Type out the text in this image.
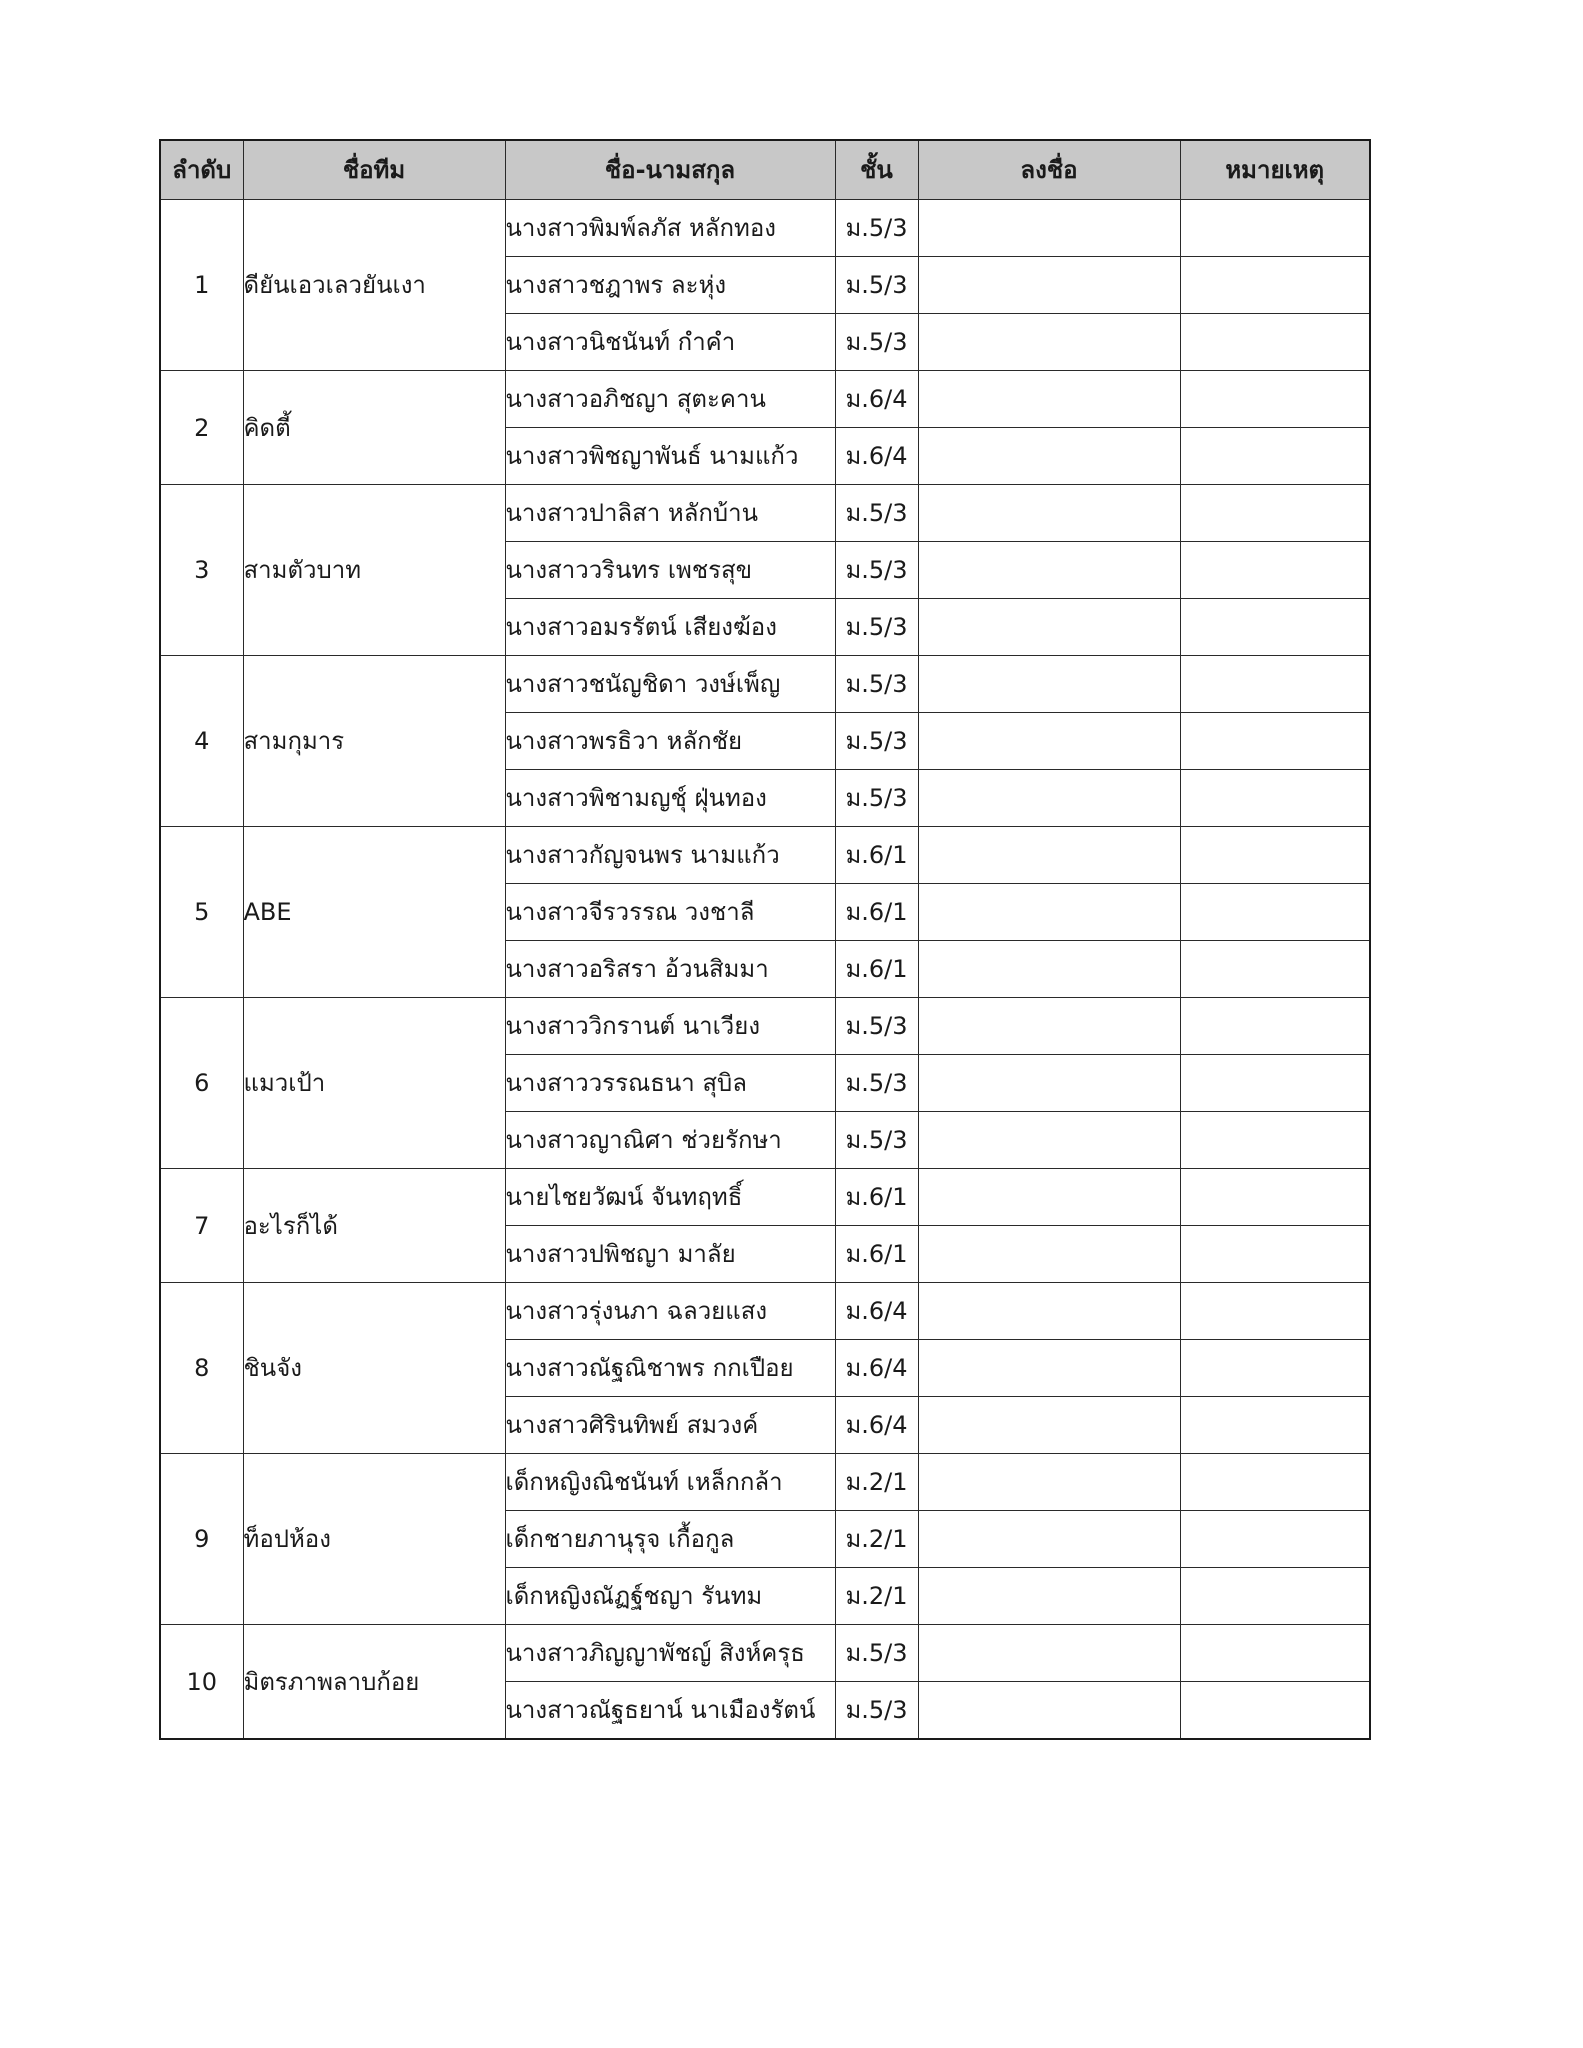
ลำดับ	ชื่อทีม	ชื่อ-นามสกุล	ชั้น	ลงชื่อ	หมายเหตุ
1	ดียันเอวเลวยันเงา	นางสาวพิมพ์ลภัส หลักทอง	ม.5/3		
		นางสาวชฎาพร ละหุ่ง	ม.5/3		
		นางสาวนิชนันท์ กำคำ	ม.5/3		
2	คิดตี้	นางสาวอภิชญา สุตะคาน	ม.6/4		
		นางสาวพิชญาพันธ์ นามแก้ว	ม.6/4		
3	สามตัวบาท	นางสาวปาลิสา หลักบ้าน	ม.5/3		
		นางสาววรินทร เพชรสุข	ม.5/3		
		นางสาวอมรรัตน์ เสียงฆ้อง	ม.5/3		
4	สามกุมาร	นางสาวชนัญชิดา วงษ์เพ็ญ	ม.5/3		
		นางสาวพรธิวา หลักชัย	ม.5/3		
		นางสาวพิชามญชุ์ ฝุ่นทอง	ม.5/3		
5	ABE	นางสาวกัญจนพร นามแก้ว	ม.6/1		
		นางสาวจีรวรรณ วงชาลี	ม.6/1		
		นางสาวอริสรา อ้วนสิมมา	ม.6/1		
6	แมวเป้า	นางสาววิกรานต์ นาเวียง	ม.5/3		
		นางสาววรรณธนา สุบิล	ม.5/3		
		นางสาวญาณิศา ช่วยรักษา	ม.5/3		
7	อะไรก็ได้	นายไชยวัฒน์ จันทฤทธิ์	ม.6/1		
		นางสาวปพิชญา มาลัย	ม.6/1		
8	ชินจัง	นางสาวรุ่งนภา ฉลวยแสง	ม.6/4		
		นางสาวณัฐณิชาพร กกเปือย	ม.6/4		
		นางสาวศิรินทิพย์ สมวงค์	ม.6/4		
9	ท็อปห้อง	เด็กหญิงณิชนันท์ เหล็กกล้า	ม.2/1		
		เด็กชายภานุรุจ เกื้อกูล	ม.2/1		
		เด็กหญิงณัฏฐ์ชญา รันทม	ม.2/1		
10	มิตรภาพลาบก้อย	นางสาวภิญญาพัชญ์ สิงห์ครุธ	ม.5/3		
		นางสาวณัฐธยาน์ นาเมืองรัตน์	ม.5/3		
